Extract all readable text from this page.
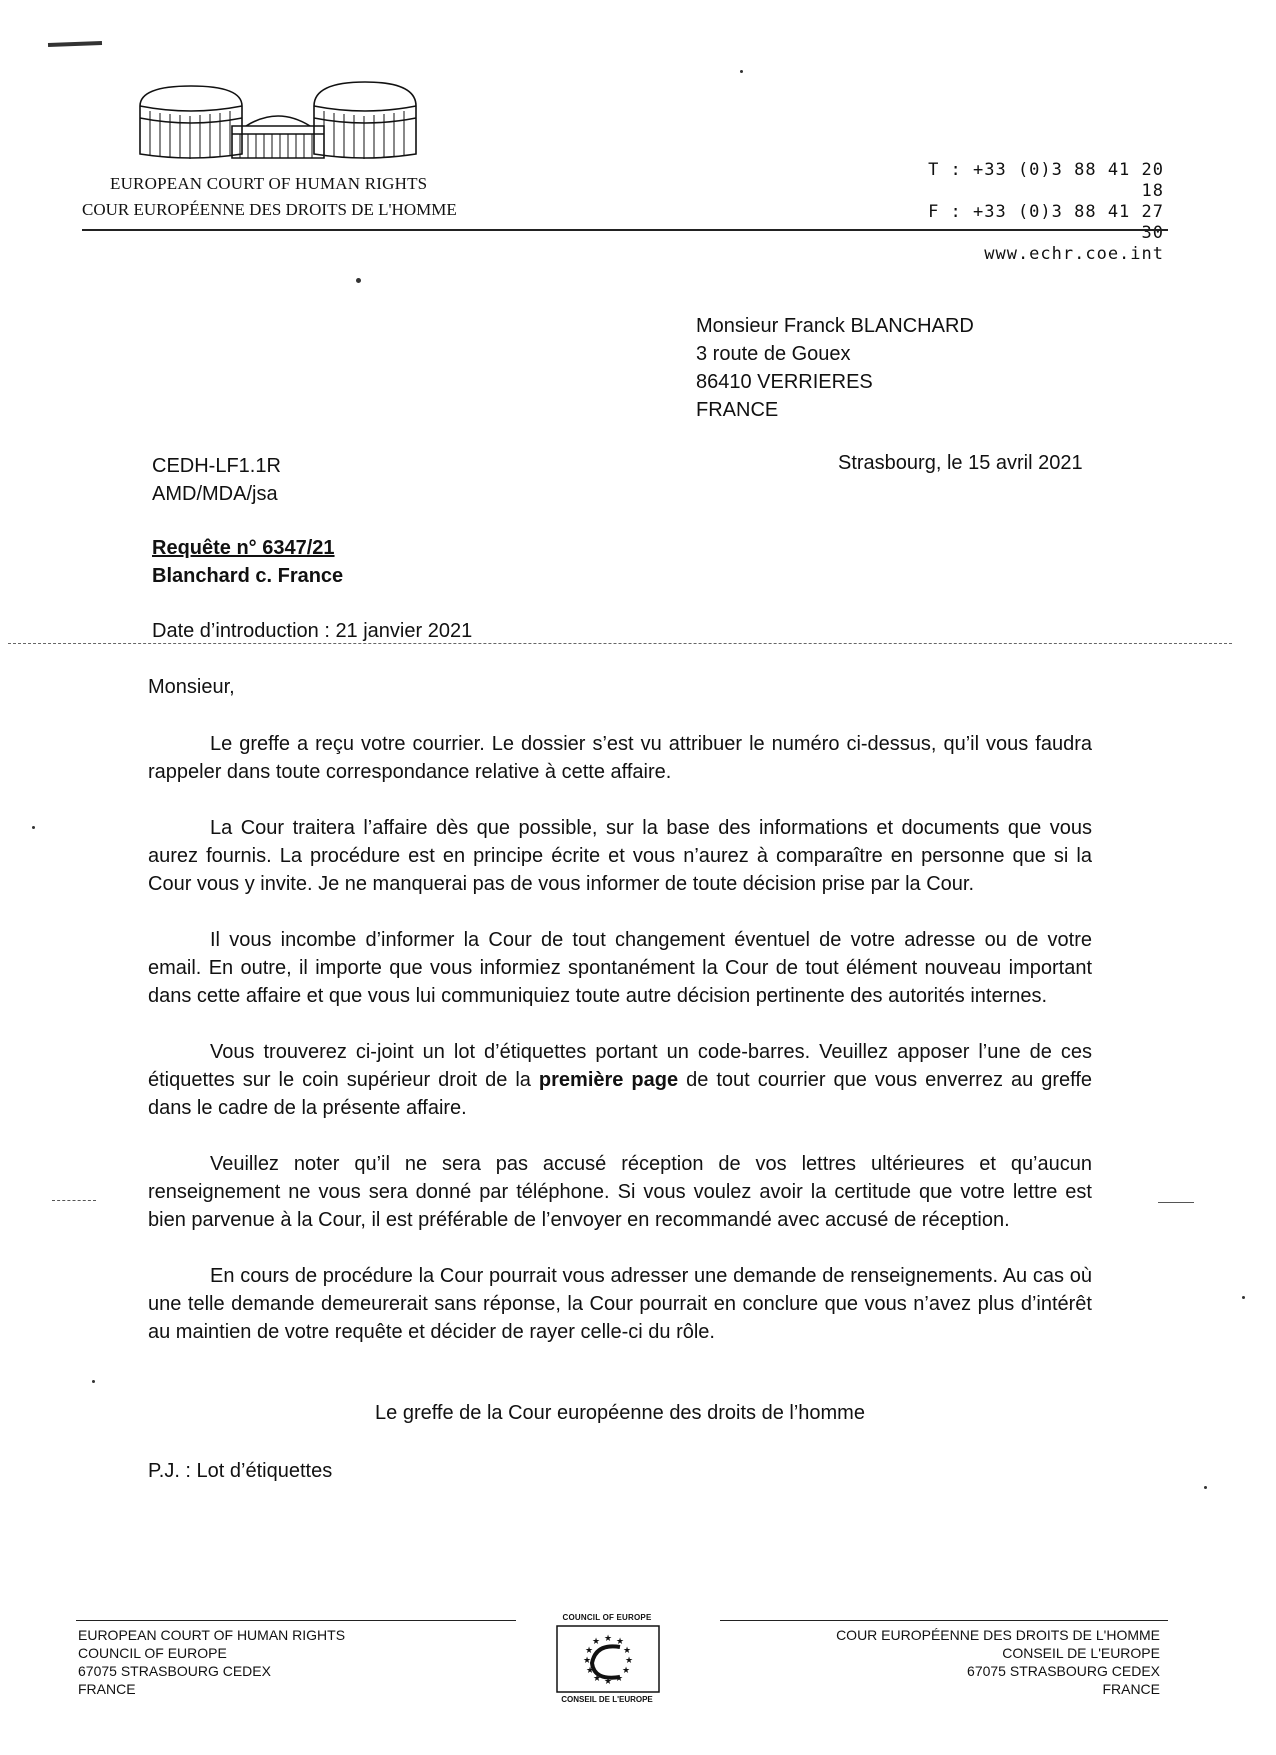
EUROPEAN COURT OF HUMAN RIGHTS
COUR EUROPÉENNE DES DROITS DE L'HOMME
T : +33 (0)3 88 41 20 18
F : +33 (0)3 88 41 27 30
www.echr.coe.int
Monsieur Franck BLANCHARD
3 route de Gouex
86410 VERRIERES
FRANCE
CEDH-LF1.1R
AMD/MDA/jsa
Strasbourg, le 15 avril 2021
Requête n° 6347/21
Blanchard c. France
Date d’introduction : 21 janvier 2021
Monsieur,

Le greffe a reçu votre courrier. Le dossier s’est vu attribuer le numéro ci-dessus, qu’il vous faudra rappeler dans toute correspondance relative à cette affaire.

La Cour traitera l’affaire dès que possible, sur la base des informations et documents que vous aurez fournis. La procédure est en principe écrite et vous n’aurez à comparaître en personne que si la Cour vous y invite. Je ne manquerai pas de vous informer de toute décision prise par la Cour.

Il vous incombe d’informer la Cour de tout changement éventuel de votre adresse ou de votre email. En outre, il importe que vous informiez spontanément la Cour de tout élément nouveau important dans cette affaire et que vous lui communiquiez toute autre décision pertinente des autorités internes.

Vous trouverez ci-joint un lot d’étiquettes portant un code-barres. Veuillez apposer l’une de ces étiquettes sur le coin supérieur droit de la première page de tout courrier que vous enverrez au greffe dans le cadre de la présente affaire.

Veuillez noter qu’il ne sera pas accusé réception de vos lettres ultérieures et qu’aucun renseignement ne vous sera donné par téléphone. Si vous voulez avoir la certitude que votre lettre est bien parvenue à la Cour, il est préférable de l’envoyer en recommandé avec accusé de réception.

En cours de procédure la Cour pourrait vous adresser une demande de renseignements. Au cas où une telle demande demeurerait sans réponse, la Cour pourrait en conclure que vous n’avez plus d’intérêt au maintien de votre requête et décider de rayer celle-ci du rôle.

Le greffe de la Cour européenne des droits de l’homme
P.J. : Lot d’étiquettes
EUROPEAN COURT OF HUMAN RIGHTS
COUNCIL OF EUROPE
67075 STRASBOURG CEDEX
FRANCE
COUNCIL OF EUROPE
★ ★
★
★
★
★
★
★
★
★
★
★
CONSEIL DE L'EUROPE
COUR EUROPÉENNE DES DROITS DE L'HOMME
CONSEIL DE L'EUROPE
67075 STRASBOURG CEDEX
FRANCE
